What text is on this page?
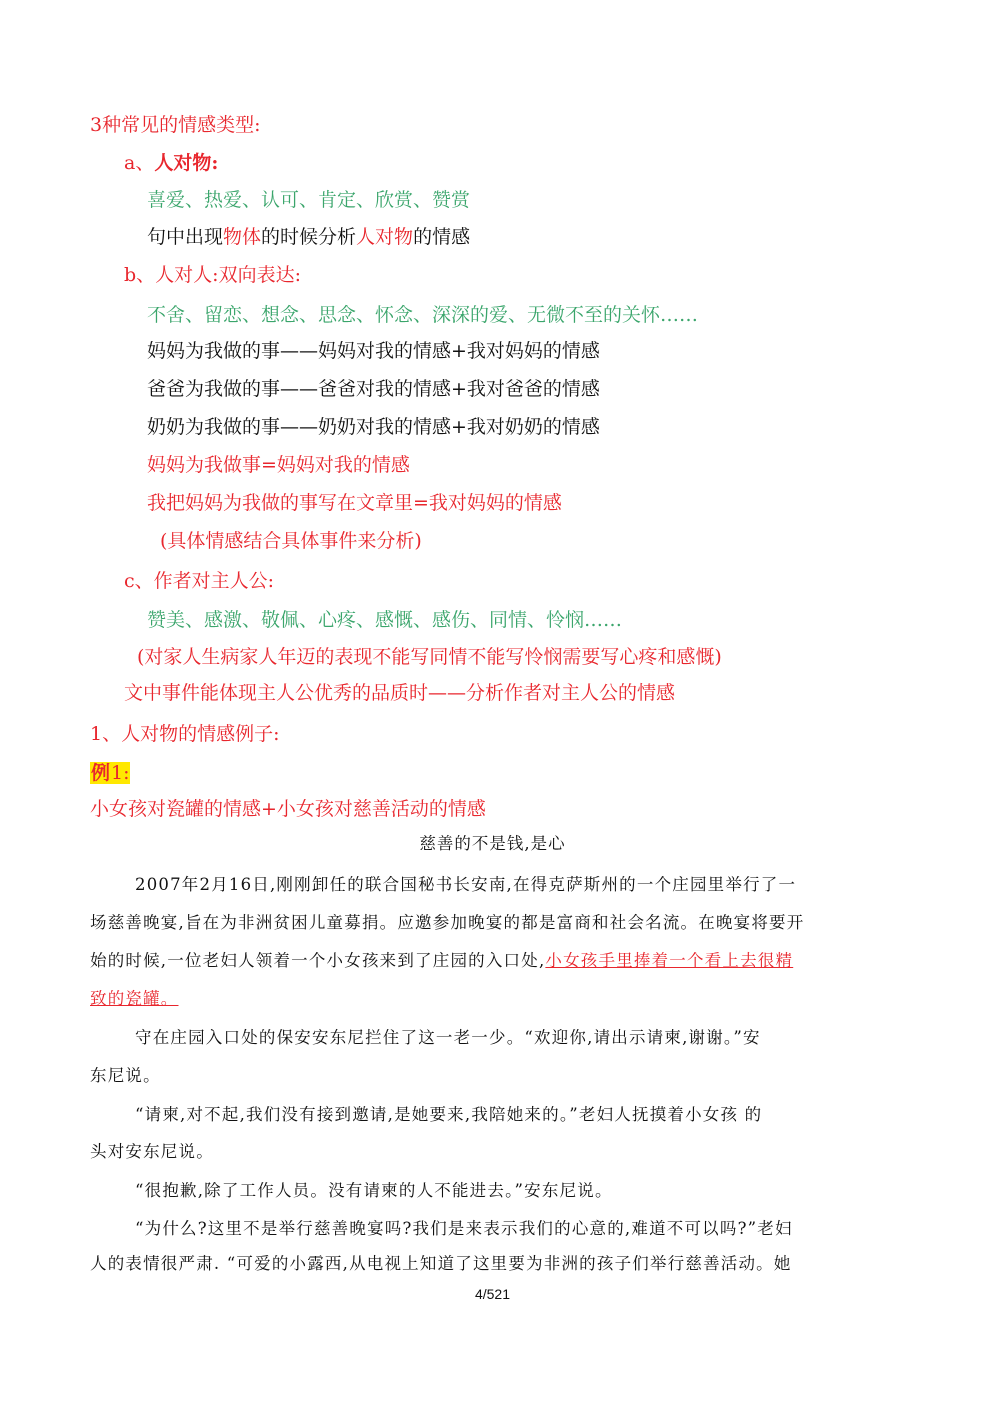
3种常见的情感类型:
a、人对物:
喜爱、热爱、认可、肯定、欣赏、赞赏
句中出现物体的时候分析人对物的情感
b、人对人:双向表达:
不舍、留恋、想念、思念、怀念、深深的爱、无微不至的关怀……
妈妈为我做的事——妈妈对我的情感+我对妈妈的情感
爸爸为我做的事——爸爸对我的情感+我对爸爸的情感
奶奶为我做的事——奶奶对我的情感+我对奶奶的情感
妈妈为我做事=妈妈对我的情感
我把妈妈为我做的事写在文章里=我对妈妈的情感
(具体情感结合具体事件来分析)
c、作者对主人公:
赞美、感激、敬佩、心疼、感慨、感伤、同情、怜悯……
(对家人生病家人年迈的表现不能写同情不能写怜悯需要写心疼和感慨)
文中事件能体现主人公优秀的品质时——分析作者对主人公的情感
1、人对物的情感例子:
例1:
小女孩对瓷罐的情感+小女孩对慈善活动的情感
慈善的不是钱,是心
2007年2月16日,刚刚卸任的联合国秘书长安南,在得克萨斯州的一个庄园里举行了一
场慈善晚宴,旨在为非洲贫困儿童募捐。应邀参加晚宴的都是富商和社会名流。在晚宴将要开
始的时候,一位老妇人领着一个小女孩来到了庄园的入口处,小女孩手里捧着一个看上去很精
致的瓷罐。
守在庄园入口处的保安安东尼拦住了这一老一少。“欢迎你,请出示请柬,谢谢。”安
东尼说。
“请柬,对不起,我们没有接到邀请,是她要来,我陪她来的。”老妇人抚摸着小女孩 的
头对安东尼说。
“很抱歉,除了工作人员。没有请柬的人不能进去。”安东尼说。
“为什么?这里不是举行慈善晚宴吗?我们是来表示我们的心意的,难道不可以吗?”老妇
人的表情很严肃. “可爱的小露西,从电视上知道了这里要为非洲的孩子们举行慈善活动。她
4/521
